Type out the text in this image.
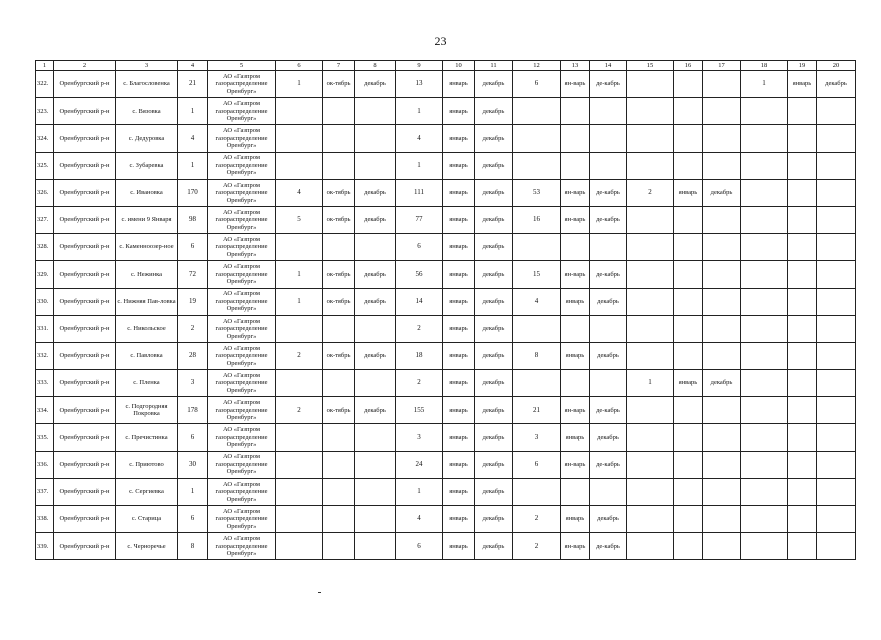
23
1	2	3	4	5	6	7	8	9	10	11	12	13	14	15	16	17	18	19	20
322.	Оренбургский р-н	с. Благословенка	21	АО «Газпром газораспределение Оренбург»	1	ок-тябрь	декабрь	13	январь	декабрь	6	ян-варь	де-кабрь				1	январь	декабрь
323.	Оренбургский р-н	с. Вязовка	1	АО «Газпром газораспределение Оренбург»				1	январь	декабрь									
324.	Оренбургский р-н	с. Дедуровка	4	АО «Газпром газораспределение Оренбург»				4	январь	декабрь									
325.	Оренбургский р-н	с. Зубаревка	1	АО «Газпром газораспределение Оренбург»				1	январь	декабрь									
326.	Оренбургский р-н	с. Ивановка	170	АО «Газпром газораспределение Оренбург»	4	ок-тябрь	декабрь	111	январь	декабрь	53	ян-варь	де-кабрь	2	январь	декабрь			
327.	Оренбургский р-н	с. имени 9 Января	98	АО «Газпром газораспределение Оренбург»	5	ок-тябрь	декабрь	77	январь	декабрь	16	ян-варь	де-кабрь						
328.	Оренбургский р-н	с. Каменноозер-ное	6	АО «Газпром газораспределение Оренбург»				6	январь	декабрь									
329.	Оренбургский р-н	с. Нежинка	72	АО «Газпром газораспределение Оренбург»	1	ок-тябрь	декабрь	56	январь	декабрь	15	ян-варь	де-кабрь						
330.	Оренбургский р-н	с. Нижняя Пав-ловка	19	АО «Газпром газораспределение Оренбург»	1	ок-тябрь	декабрь	14	январь	декабрь	4	январь	декабрь						
331.	Оренбургский р-н	с. Никольское	2	АО «Газпром газораспределение Оренбург»				2	январь	декабрь									
332.	Оренбургский р-н	с. Павловка	28	АО «Газпром газораспределение Оренбург»	2	ок-тябрь	декабрь	18	январь	декабрь	8	январь	декабрь						
333.	Оренбургский р-н	с. Пленка	3	АО «Газпром газораспределение Оренбург»				2	январь	декабрь				1	январь	декабрь			
334.	Оренбургский р-н	с. Подгородняя Покровка	178	АО «Газпром газораспределение Оренбург»	2	ок-тябрь	декабрь	155	январь	декабрь	21	ян-варь	де-кабрь						
335.	Оренбургский р-н	с. Пречистинка	6	АО «Газпром газораспределение Оренбург»				3	январь	декабрь	3	январь	декабрь						
336.	Оренбургский р-н	с. Приютово	30	АО «Газпром газораспределение Оренбург»				24	январь	декабрь	6	ян-варь	де-кабрь						
337.	Оренбургский р-н	с. Сергиевка	1	АО «Газпром газораспределение Оренбург»				1	январь	декабрь									
338.	Оренбургский р-н	с. Старица	6	АО «Газпром газораспределение Оренбург»				4	январь	декабрь	2	январь	декабрь						
339.	Оренбургский р-н	с. Черноречье	8	АО «Газпром газораспределение Оренбург»				6	январь	декабрь	2	ян-варь	де-кабрь						
